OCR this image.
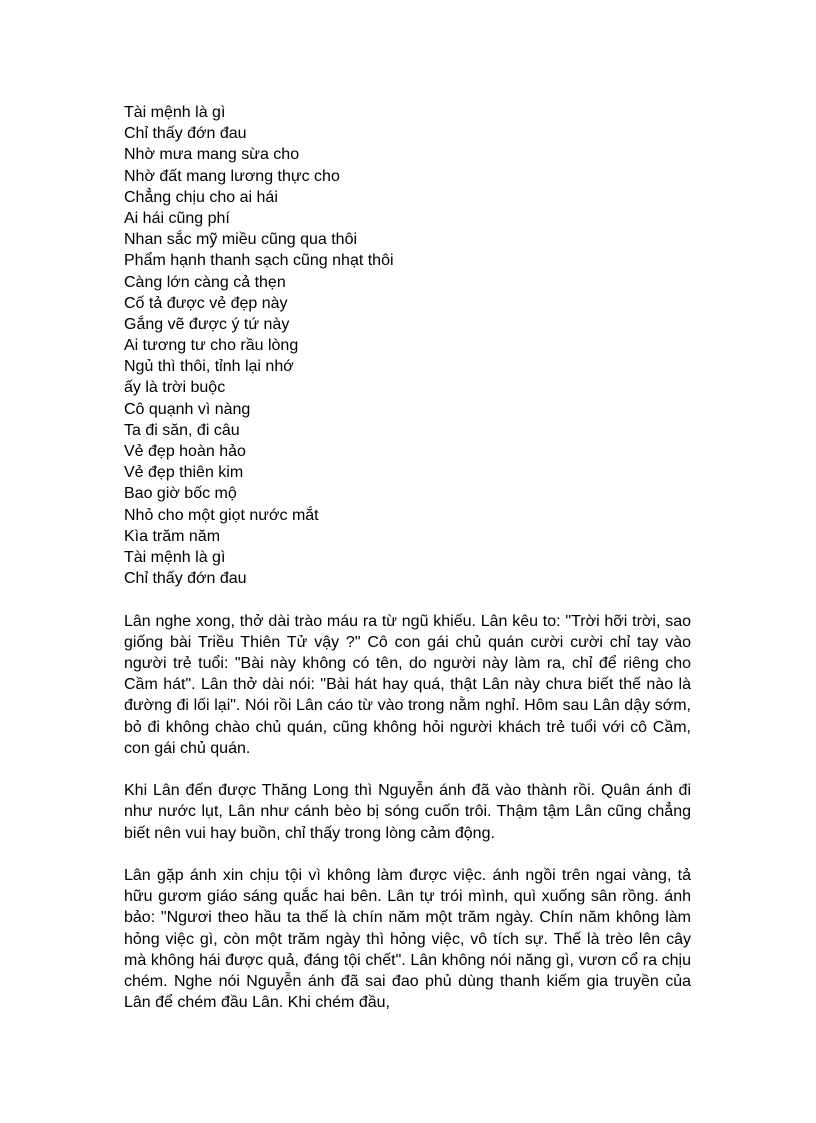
Tài mệnh là gì
Chỉ thấy đớn đau
Nhờ mưa mang sừa cho
Nhờ đất mang lương thực cho
Chẳng chịu cho ai hái
Ai hái cũng phí
Nhan sắc mỹ miều cũng qua thôi
Phẩm hạnh thanh sạch cũng nhạt thôi
Càng lớn càng cả thẹn
Cố tả được vẻ đẹp này
Gắng vẽ được ý tứ này
Ai tương tư cho rầu lòng
Ngủ thì thôi, tỉnh lại nhớ
ấy là trời buộc
Cô quạnh vì nàng
Ta đi săn, đi câu
Vẻ đẹp hoàn hảo
Vẻ đẹp thiên kim
Bao giờ bốc mộ
Nhỏ cho một giọt nước mắt
Kìa trăm năm
Tài mệnh là gì
Chỉ thấy đớn đau

Lân nghe xong, thở dài trào máu ra từ ngũ khiếu. Lân kêu to: "Trời hỡi trời, sao giống bài Triều Thiên Tử vậy ?" Cô con gái chủ quán cười cười chỉ tay vào người trẻ tuổi: "Bài này không có tên, do người này làm ra, chỉ để riêng cho Cầm hát". Lân thở dài nói: "Bài hát hay quá, thật Lân này chưa biết thế nào là đường đi lối lại". Nói rồi Lân cáo từ vào trong nằm nghỉ. Hôm sau Lân dậy sớm, bỏ đi không chào chủ quán, cũng không hỏi người khách trẻ tuổi với cô Cầm, con gái chủ quán.

Khi Lân đến được Thăng Long thì Nguyễn ánh đã vào thành rồi. Quân ánh đi như nước lụt, Lân như cánh bèo bị sóng cuốn trôi. Thậm tậm Lân cũng chẳng biết nên vui hay buồn, chỉ thấy trong lòng cảm động.

Lân gặp ánh xin chịu tội vì không làm được việc. ánh ngồi trên ngai vàng, tả hữu gươm giáo sáng quắc hai bên. Lân tự trói mình, quì xuống sân rồng. ánh bảo: "Ngươi theo hầu ta thế là chín năm một trăm ngày. Chín năm không làm hỏng việc gì, còn một trăm ngày thì hỏng việc, vô tích sự. Thế là trèo lên cây mà không hái được quả, đáng tội chết". Lân không nói năng gì, vươn cổ ra chịu chém. Nghe nói Nguyễn ánh đã sai đao phủ dùng thanh kiếm gia truyền của Lân để chém đầu Lân. Khi chém đầu,
